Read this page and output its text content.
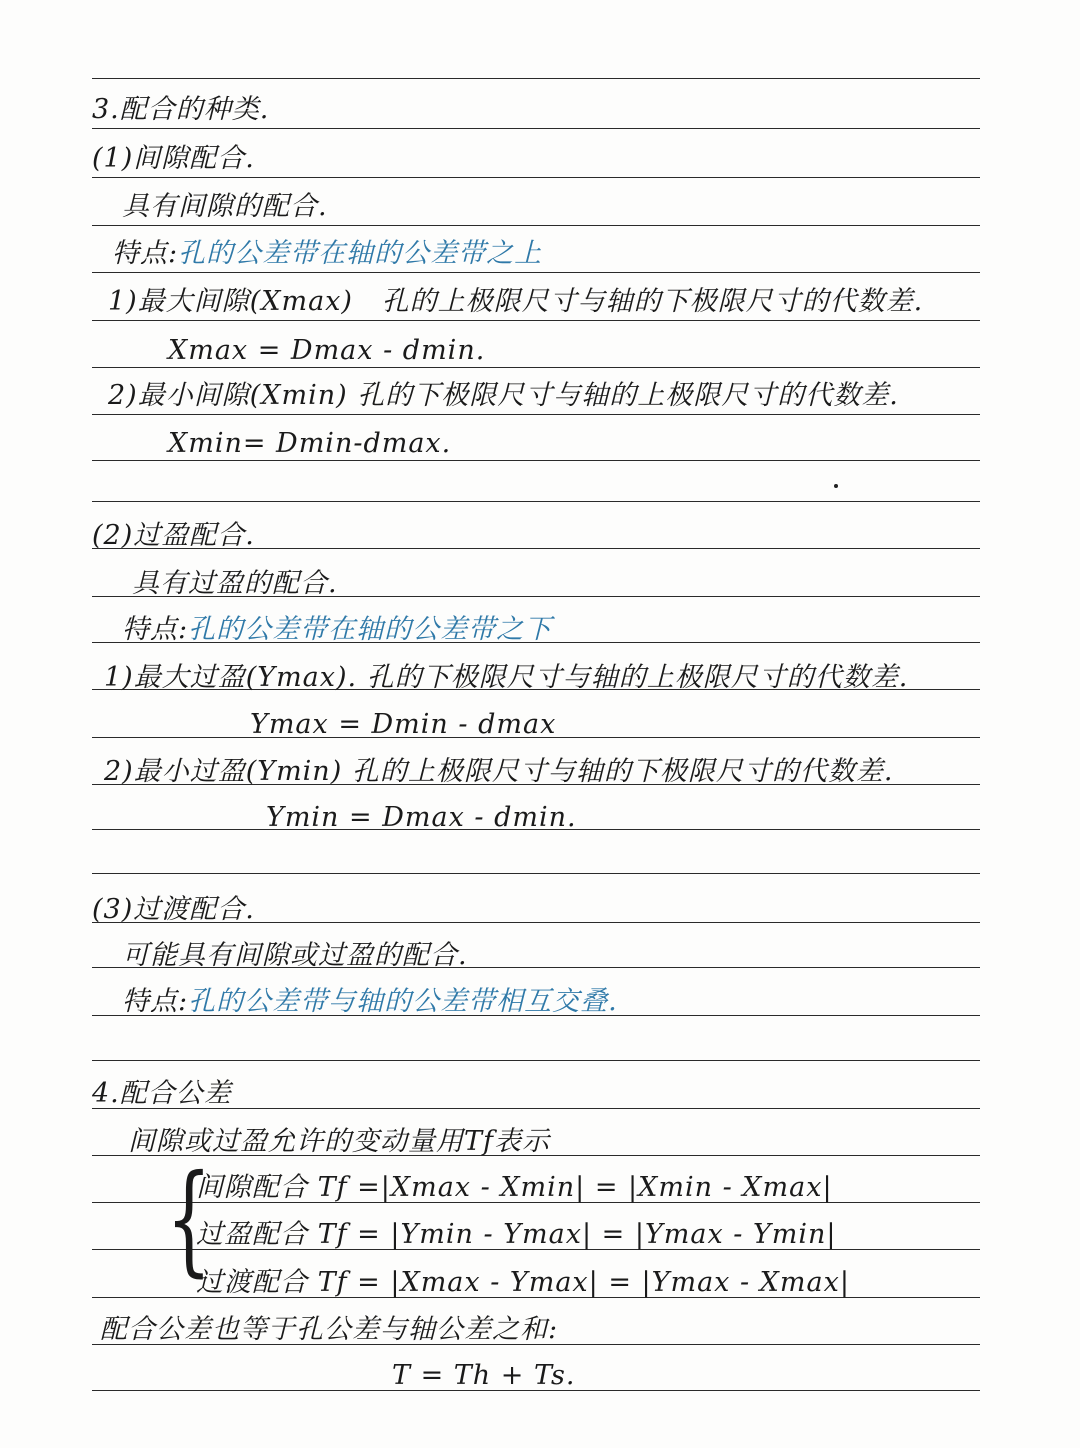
3.配合的种类.
(1)间隙配合.
具有间隙的配合.
特点:孔的公差带在轴的公差带之上
1)最大间隙(Xmax) 孔的上极限尺寸与轴的下极限尺寸的代数差.
Xmax = Dmax - dmin.
2)最小间隙(Xmin) 孔的下极限尺寸与轴的上极限尺寸的代数差.
Xmin= Dmin-dmax.
(2)过盈配合.
具有过盈的配合.
特点:孔的公差带在轴的公差带之下
1)最大过盈(Ymax). 孔的下极限尺寸与轴的上极限尺寸的代数差.
Ymax = Dmin - dmax
2)最小过盈(Ymin) 孔的上极限尺寸与轴的下极限尺寸的代数差.
Ymin = Dmax - dmin.
(3)过渡配合.
可能具有间隙或过盈的配合.
特点:孔的公差带与轴的公差带相互交叠.
4.配合公差
间隙或过盈允许的变动量用Tf表示
{
间隙配合 Tf =|Xmax - Xmin| = |Xmin - Xmax|
过盈配合 Tf = |Ymin - Ymax| = |Ymax - Ymin|
过渡配合 Tf = |Xmax - Ymax| = |Ymax - Xmax|
配合公差也等于孔公差与轴公差之和:
T = Th + Ts.
